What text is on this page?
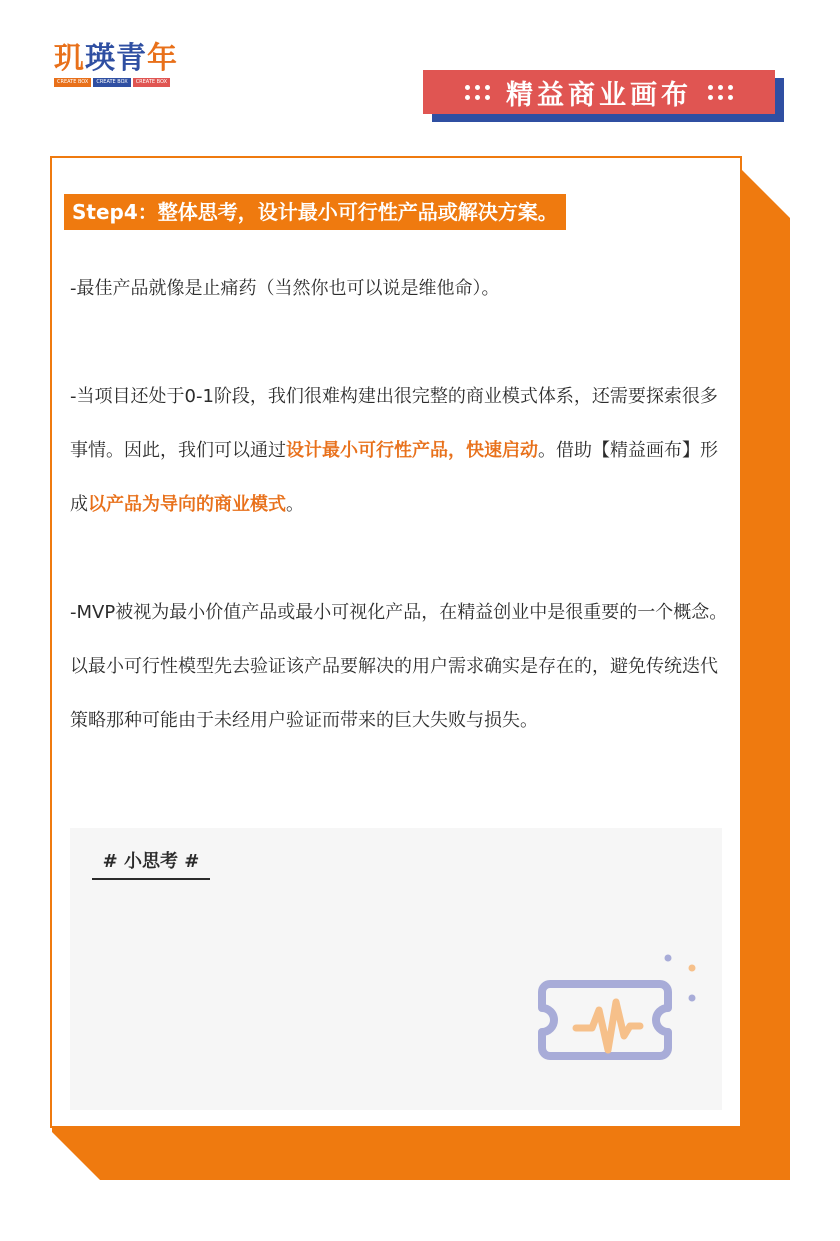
玑瑛青年
CREATE BOX	CREATE BOX	CREATE BOX	精益商业画布
Step4：整体思考，设计最小可行性产品或解决方案。
-最佳产品就像是止痛药（当然你也可以说是维他命）。
-当项目还处于0-1阶段，我们很难构建出很完整的商业模式体系，还需要探索很多事情。因此，我们可以通过设计最小可行性产品，快速启动。借助【精益画布】形成以产品为导向的商业模式。
-MVP被视为最小价值产品或最小可视化产品，在精益创业中是很重要的一个概念。以最小可行性模型先去验证该产品要解决的用户需求确实是存在的，避免传统迭代策略那种可能由于未经用户验证而带来的巨大失败与损失。
# 小思考 #
